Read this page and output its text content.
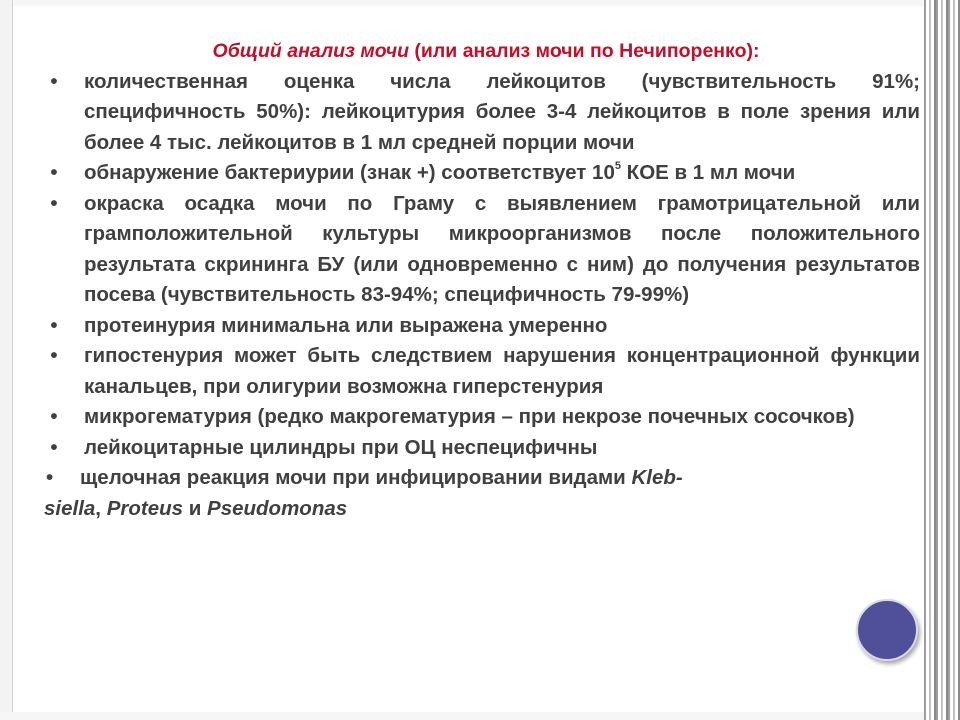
Общий анализ мочи (или анализ мочи по Нечипоренко):
•	количественная оценка числа лейкоцитов (чувствительность 91%; специфичность 50%): лейкоцитурия более 3-4 лейкоцитов в поле зрения или более 4 тыс. лейкоцитов в 1 мл средней порции мочи
•	обнаружение бактериурии (знак +) соответствует $10^5$ КОЕ в 1 мл мочи
•	окраска осадка мочи по Граму с выявлением грамотрицательной или грамположительной культуры микроорганизмов после положительного результата скрининга БУ (или одновременно с ним) до получения результатов посева (чувствительность 83-94%; специфичность 79-99%)
•	протеинурия минимальна или выражена умеренно
•	гипостенурия может быть следствием нарушения концентрационной функции канальцев, при олигурии возможна гиперстенурия
•	микрогематурия (редко макрогематурия – при некрозе почечных сосочков)
•	лейкоцитарные цилиндры при ОЦ неспецифичны
• щелочная реакция мочи при инфицировании видами Kleb-
siella, Proteus и Pseudomonas
